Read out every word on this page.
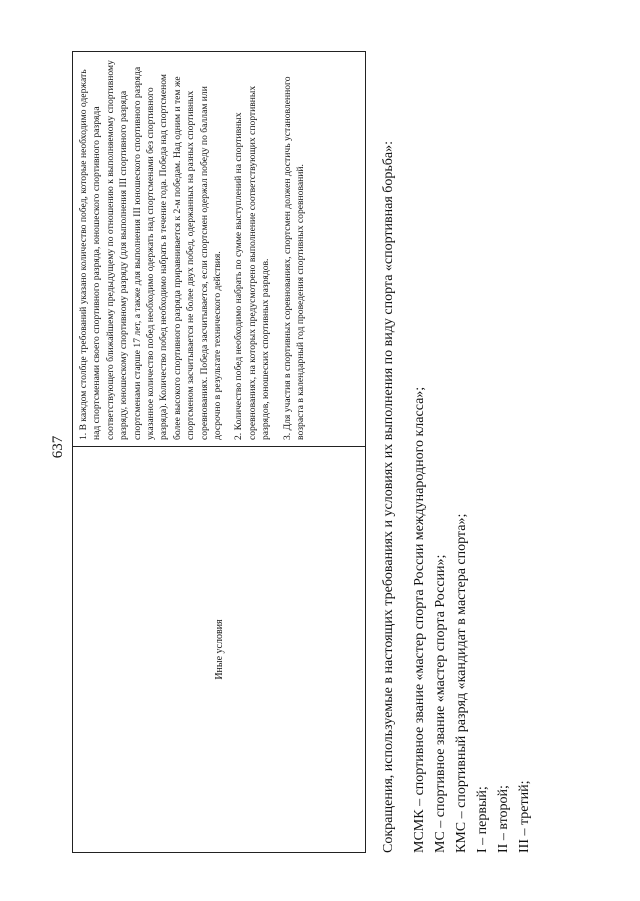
637
Иные условия

1. В каждом столбце требований указано количество побед, которые необходимо одержать над спортсменами своего спортивного разряда, юношеского спортивного разряда соответствующего ближайшему предыдущему по отношению к выполняемому спортивному разряду, юношескому спортивному разряду (для выполнения III спортивного разряда спортсменами старше 17 лет, а также для выполнения III юношеского спортивного разряда указанное количество побед необходимо одержать над спортсменами без спортивного разряда). Количество побед необходимо набрать в течение года. Победа над спортсменом более высокого спортивного разряда приравнивается к 2-м победам. Над одним и тем же спортсменом засчитывается не более двух побед, одержанных на разных спортивных соревнованиях. Победа засчитывается, если спортсмен одержал победу по баллам или досрочно в результате технического действия. 2. Количество побед необходимо набрать по сумме выступлений на спортивных соревнованиях, на которых предусмотрено выполнение соответствующих спортивных разрядов, юношеских спортивных разрядов. 3. Для участия в спортивных соревнованиях, спортсмен должен достичь установленного возраста в календарный год проведения спортивных соревнований.	Сокращения, используемые в настоящих требованиях и условиях их выполнения по виду спорта «спортивная борьба»: МСМК – спортивное звание «мастер спорта России международного класса»; МС – спортивное звание «мастер спорта России»; КМС – спортивный разряд «кандидат в мастера спорта»; I – первый; II – второй; III – третий;
